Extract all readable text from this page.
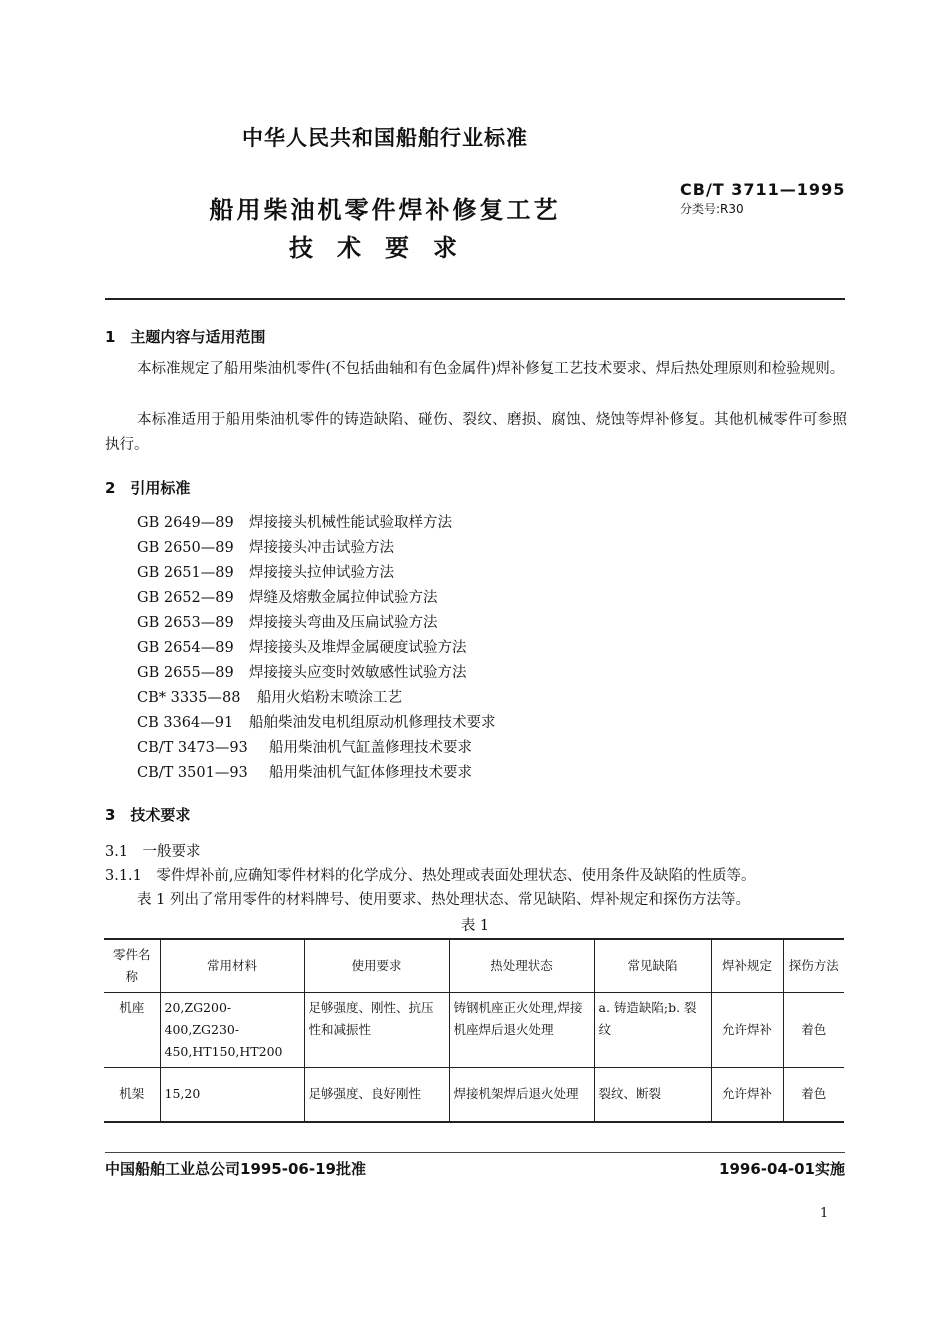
中华人民共和国船舶行业标准
船用柴油机零件焊补修复工艺
技术要求
CB/T 3711—1995
分类号:R30
1　主题内容与适用范围
本标准规定了船用柴油机零件(不包括曲轴和有色金属件)焊补修复工艺技术要求、焊后热处理原则和检验规则。
本标准适用于船用柴油机零件的铸造缺陷、碰伤、裂纹、磨损、腐蚀、烧蚀等焊补修复。其他机械零件可参照执行。
2　引用标准
GB 2649—89 焊接接头机械性能试验取样方法
GB 2650—89 焊接接头冲击试验方法
GB 2651—89 焊接接头拉伸试验方法
GB 2652—89 焊缝及熔敷金属拉伸试验方法
GB 2653—89 焊接接头弯曲及压扁试验方法
GB 2654—89 焊接接头及堆焊金属硬度试验方法
GB 2655—89 焊接接头应变时效敏感性试验方法
CB* 3335—88 船用火焰粉末喷涂工艺
CB 3364—91 船舶柴油发电机组原动机修理技术要求
CB/T 3473—93 船用柴油机气缸盖修理技术要求
CB/T 3501—93 船用柴油机气缸体修理技术要求
3　技术要求
3.1　一般要求
3.1.1　零件焊补前,应确知零件材料的化学成分、热处理或表面处理状态、使用条件及缺陷的性质等。
表 1 列出了常用零件的材料牌号、使用要求、热处理状态、常见缺陷、焊补规定和探伤方法等。
表 1
零件名称	常用材料	使用要求	热处理状态	常见缺陷	焊补规定	探伤方法
机座	20,ZG200-400,ZG230-450,HT150,HT200	足够强度、刚性、抗压性和减振性	铸钢机座正火处理,焊接机座焊后退火处理	a. 铸造缺陷;b. 裂纹	允许焊补	着色
机架	15,20	足够强度、良好刚性	焊接机架焊后退火处理	裂纹、断裂	允许焊补	着色
中国船舶工业总公司1995-06-19批准	1996-04-01实施
1
